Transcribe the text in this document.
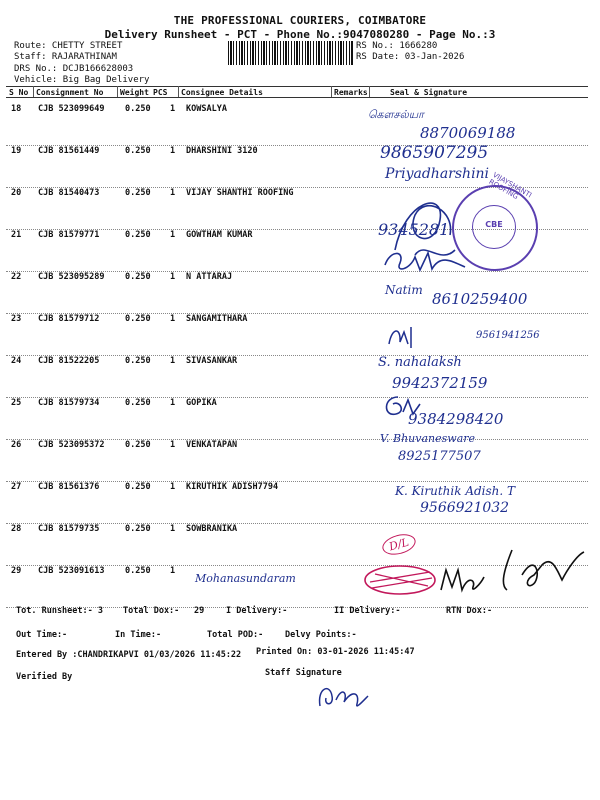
THE PROFESSIONAL COURIERS, COIMBATORE
Delivery Runsheet - PCT - Phone No.:9047080280 - Page No.:3
Route: CHETTY STREET
Staff: RAJARATHINAM
DRS No.: DCJB166628003
Vehicle: Big Bag Delivery
RS No.: 1666280
RS Date: 03-Jan-2026
S No Consignment No Weight PCS Consignee Details	Remarks	Seal & Signature
18 CJB 523099649 0.250 1 KOWSALYA
19 CJB 81561449	0.250 1 DHARSHINI 3120
20 CJB 81540473	0.250 1 VIJAY SHANTHI ROOFING
21 CJB 81579771	0.250 1 GOWTHAM KUMAR
22 CJB 523095289 0.250 1 N ATTARAJ
23 CJB 81579712	0.250 1 SANGAMITHARA
24 CJB 81522205	0.250 1 SIVASANKAR
25 CJB 81579734	0.250 1 GOPIKA
26 CJB 523095372 0.250 1 VENKATAPAN
27 CJB 81561376	0.250 1 KIRUTHIK ADISH7794
28 CJB 81579735	0.250 1 SOWBRANIKA
29 CJB 523091613 0.250 1
கௌசல்யா
8870069188
9865907295
Priyadharshini
9345281
VIJAYSHANTI ROOFING
CBE
Natim 8610259400
9561941256
S. nahalaksh
9942372159
9384298420
V. Bhuvanesware
8925177507
K. Kiruthik Adish. T
9566921032
D/L
Mohanasundaram
Tot. Runsheet:- 3 Total Dox:- 29	I Delivery:-	II Delivery:-	RTN Dox:-
Out Time:-	In Time:-	Total POD:-	Delvy Points:-
Entered By :CHANDRIKAPVI 01/03/2026 11:45:22 Printed On: 03-01-2026 11:45:47
Verified By	Staff Signature
